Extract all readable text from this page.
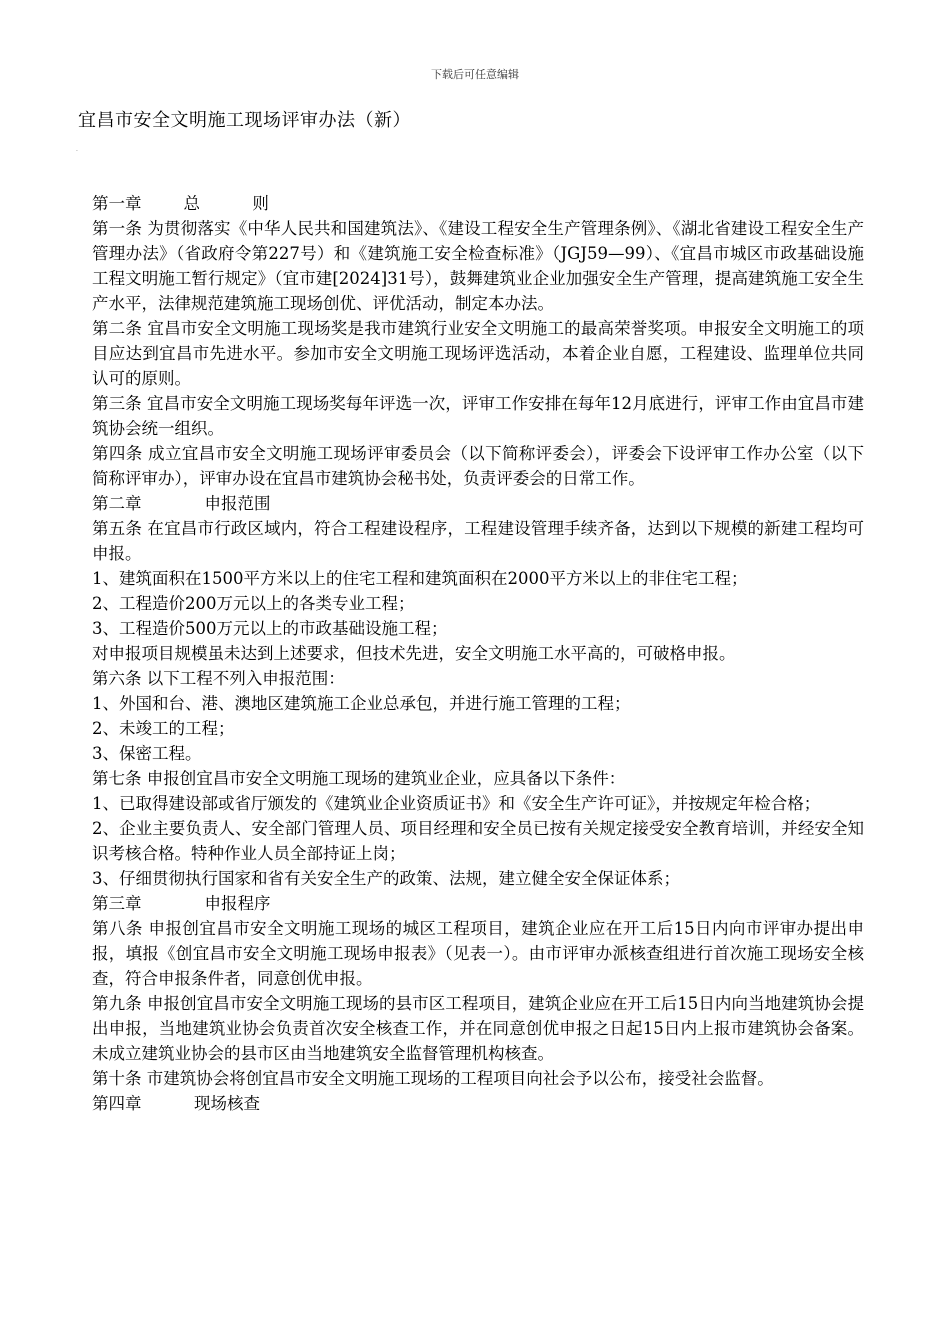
下载后可任意编辑
宜昌市安全文明施工现场评审办法（新）
.

第一章        总          则

第一条 为贯彻落实《中华人民共和国建筑法》、《建设工程安全生产管理条例》、《湖北省建设工程安全生产管理办法》（省政府令第227号）和《建筑施工安全检查标准》（JGJ59—99）、《宜昌市城区市政基础设施工程文明施工暂行规定》（宜市建[2024]31号），鼓舞建筑业企业加强安全生产管理，提高建筑施工安全生产水平，法律规范建筑施工现场创优、评优活动，制定本办法。

第二条 宜昌市安全文明施工现场奖是我市建筑行业安全文明施工的最高荣誉奖项。申报安全文明施工的项目应达到宜昌市先进水平。参加市安全文明施工现场评选活动，本着企业自愿，工程建设、监理单位共同认可的原则。

第三条 宜昌市安全文明施工现场奖每年评选一次，评审工作安排在每年12月底进行，评审工作由宜昌市建筑协会统一组织。

第四条 成立宜昌市安全文明施工现场评审委员会（以下简称评委会），评委会下设评审工作办公室（以下简称评审办），评审办设在宜昌市建筑协会秘书处，负责评委会的日常工作。

第二章            申报范围

第五条 在宜昌市行政区域内，符合工程建设程序，工程建设管理手续齐备，达到以下规模的新建工程均可申报。

1、建筑面积在1500平方米以上的住宅工程和建筑面积在2000平方米以上的非住宅工程；

2、工程造价200万元以上的各类专业工程；

3、工程造价500万元以上的市政基础设施工程；

对申报项目规模虽未达到上述要求，但技术先进，安全文明施工水平高的，可破格申报。

第六条 以下工程不列入申报范围：

1、外国和台、港、澳地区建筑施工企业总承包，并进行施工管理的工程；

2、未竣工的工程；

3、保密工程。

第七条 申报创宜昌市安全文明施工现场的建筑业企业，应具备以下条件：

1、已取得建设部或省厅颁发的《建筑业企业资质证书》和《安全生产许可证》，并按规定年检合格；

2、企业主要负责人、安全部门管理人员、项目经理和安全员已按有关规定接受安全教育培训，并经安全知识考核合格。特种作业人员全部持证上岗；

3、仔细贯彻执行国家和省有关安全生产的政策、法规，建立健全安全保证体系；

第三章            申报程序

第八条 申报创宜昌市安全文明施工现场的城区工程项目，建筑企业应在开工后15日内向市评审办提出申报，填报《创宜昌市安全文明施工现场申报表》（见表一）。由市评审办派核查组进行首次施工现场安全核查，符合申报条件者，同意创优申报。

第九条 申报创宜昌市安全文明施工现场的县市区工程项目，建筑企业应在开工后15日内向当地建筑协会提出申报，当地建筑业协会负责首次安全核查工作，并在同意创优申报之日起15日内上报市建筑协会备案。未成立建筑业协会的县市区由当地建筑安全监督管理机构核查。

第十条 市建筑协会将创宜昌市安全文明施工现场的工程项目向社会予以公布，接受社会监督。

第四章          现场核查
